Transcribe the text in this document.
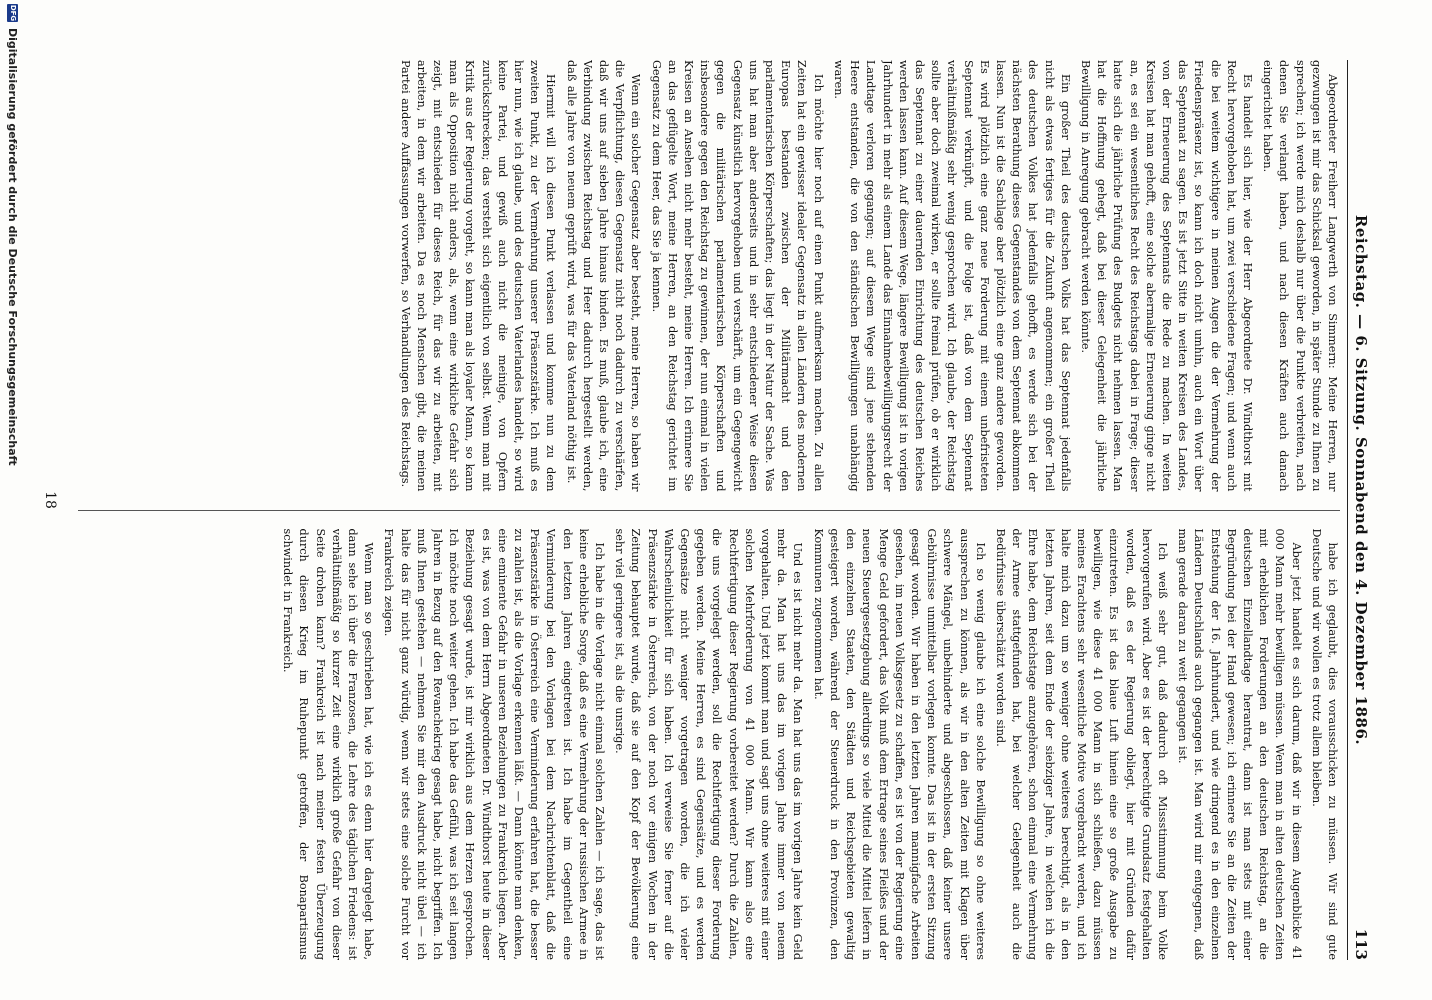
Reichstag. — 6. Sitzung. Sonnabend den 4. Dezember 1886.
113

Abgeordneter Freiherr Langwerth von Simmern: Meine Herren, nur gezwungen ist mir das Schicksal geworden, in später Stunde zu Ihnen zu sprechen; ich werde mich deshalb nur über die Punkte verbreiten, nach denen Sie verlangt haben, und nach diesen Kräften auch danach eingerichtet haben.

Es handelt sich hier, wie der Herr Abgeordnete Dr. Windthorst mit Recht hervorgehoben hat, um zwei verschiedene Fragen; und wenn auch die bei weitem wichtigere in meinen Augen die der Vermehrung der Friedenspräsenz ist, so kann ich doch nicht umhin, auch ein Wort über das Septennat zu sagen. Es ist jetzt Sitte in weiten Kreisen des Landes, von der Erneuerung des Septennats die Rede zu machen. In weiten Kreisen hat man gehofft, eine solche abermalige Erneuerung ginge nicht an, es sei ein wesentliches Recht des Reichstags dabei in Frage; dieser hatte sich die jährliche Prüfung des Budgets nicht nehmen lassen. Man hat die Hoffnung gehegt, daß bei dieser Gelegenheit die jährliche Bewilligung in Anregung gebracht werden könnte.

Ein großer Theil des deutschen Volks hat das Septennat jedenfalls nicht als etwas fertiges für die Zukunft angenommen; ein großer Theil des deutschen Volkes hat jedenfalls gehofft, es werde sich bei der nächsten Berathung dieses Gegenstandes von dem Septennat abkommen lassen. Nun ist die Sachlage aber plötzlich eine ganz andere geworden. Es wird plötzlich eine ganz neue Forderung mit einem unbefristeten Septennat verknüpft, und die Folge ist, daß von dem Septennat verhältnißmäßig sehr wenig gesprochen wird. Ich glaube, der Reichstag sollte aber doch zweimal wirken, er sollte freimal prüfen, ob er wirklich das Septennat zu einer dauernden Einrichtung des deutschen Reiches werden lassen kann. Auf diesem Wege, längere Bewilligung ist in vorigen Jahrhundert in mehr als einem Lande das Einnahmebewilligungsrecht der Landtage verloren gegangen; auf diesem Wege sind jene stehenden Heere entstanden, die von den ständischen Bewilligungen unabhängig waren.

Ich möchte hier noch auf einen Punkt aufmerksam machen. Zu allen Zeiten hat ein gewisser idealer Gegensatz in allen Ländern des modernen Europas bestanden zwischen der Militärmacht und den parlamentarischen Körperschaften; das liegt in der Natur der Sache. Was uns hat man aber anderseits und in sehr entschiedener Weise diesen Gegensatz künstlich hervorgehoben und verschärft, um ein Gegengewicht gegen die militärischen parlamentarischen Körperschaften und insbesondere gegen den Reichstag zu gewinnen, der nun einmal in vielen Kreisen an Ansehen nicht mehr besteht, meine Herren. Ich erinnere Sie an das geflügelte Wort, meine Herren, an den Reichstag gerichtet im Gegensatz zu dem Heer, das Sie ja kennen.

Wenn ein solcher Gegensatz aber besteht, meine Herren, so haben wir die Verpflichtung, diesen Gegensatz nicht noch dadurch zu verschärfen, daß wir uns auf sieben Jahre hinaus binden. Es muß, glaube ich, eine Verbindung zwischen Reichstag und Heer dadurch hergestellt werden, daß alle Jahre von neuem geprüft wird, was für das Vaterland nöthig ist.

Hiermit will ich diesen Punkt verlassen und komme nun zu dem zweiten Punkt, zu der Vermehrung unserer Präsenzstärke. Ich muß es hier nun, wie ich glaube, und des deutschen Vaterlandes handelt, so wird keine Partei, und gewiß auch nicht die meinige, von Opfern zurückschrecken; das versteht sich eigentlich von selbst. Wenn man mit Kritik aus der Regierung vorgeht, so kann man als loyaler Mann, so kann man als Opposition nicht anders, als, wenn eine wirkliche Gefahr sich zeigt, mit entschieden für dieses Reich, für das wir zu arbeiten, mit arbeiten, in dem wir arbeiten. Da es noch Menschen gibt, die meinen Partei andere Auffassungen vorwerfen, so Verhandlungen des Reichstags.

habe ich geglaubt, dies vorausschicken zu müssen. Wir sind gute Deutsche und wir wollen es trotz allem bleiben.

Aber jetzt handelt es sich darum, daß wir in diesem Augenblicke 41 000 Mann mehr bewilligen müssen. Wenn man in alten deutschen Zeiten mit erheblichen Forderungen an den deutschen Reichstag, an die deutschen Einzellandtage herantrat, dann ist man stets mit einer Begründung bei der Hand gewesen; ich erinnere Sie an die Zeiten der Entstehung der 16. Jahrhundert, und wie dringend es in den einzelnen Ländern Deutschlands auch gegangen ist. Man wird mir entgegnen, daß man gerade daran zu weit gegangen ist.

Ich weiß sehr gut, daß dadurch oft Missstimmung beim Volke hervorgerufen wird. Aber es ist der berechtigte Grundsatz festgehalten worden, daß es der Regierung obliegt, hier mit Gründen dafür einzutreten. Es ist das blaue Luft hinein eine so große Ausgabe zu bewilligen, wie diese 41 000 Mann in sich schließen, dazu müssen meines Erachtens sehr wesentliche Motive vorgebracht werden, und ich halte mich dazu um so weniger ohne weiteres berechtigt, als in den letzten Jahren, seit dem Ende der siebziger Jahre, in welchen ich die Ehre habe, dem Reichstage anzugehören, schon einmal eine Vermehrung der Armee stattgefunden hat, bei welcher Gelegenheit auch die Bedürfnisse überschätzt worden sind.

Ich so wenig glaube ich eine solche Bewilligung so ohne weiteres aussprechen zu können, als wir in den alten Zeiten mit Klagen über schwere Mängel, unbehinderte und abgeschlossen, daß keiner unsere Gebührnisse unmittelbar vorlegen konnte. Das ist in der ersten Sitzung gesagt worden. Wir haben in den letzten Jahren mannigfache Arbeiten gesehen, im neuen Volksgesetz zu schaffen, es ist von der Regierung eine Menge Geld gefordert, das Volk muß dem Ertrage seines Fleißes und der neuen Steuergesetzgebung allerdings so viele Mittel die Mittel liefern in den einzelnen Staaten, den Städten und Reichsgebieten gewaltig gesteigert worden, während der Steuerdruck in den Provinzen, den Kommunen zugenommen hat.

Und es ist nicht mehr da. Man hat uns das im vorigen Jahre kein Geld mehr da. Man hat uns das im vorigen Jahre immer von neuem vorgehalten. Und jetzt kommt man und sagt uns ohne weiteres mit einer solchen Mehrforderung von 41 000 Mann. Wir kann also eine Rechtfertigung dieser Regierung vorbereitet werden? Durch die Zahlen, die uns vorgelegt werden, soll die Rechtfertigung dieser Forderung gegeben werden. Meine Herren, es sind Gegensätze, und es werden Gegensätze nicht weniger vorgetragen worden, die ich vieler Wahrscheinlichkeit für sich haben. Ich verweise Sie ferner auf die Präsenzstärke in Österreich, von der noch vor einigen Wochen in der Zeitung behauptet wurde, daß sie auf den Kopf der Bevölkerung eine sehr viel geringere ist, als die unsrige.

Ich habe in die Vorlage nicht einmal solchen Zahlen — ich sage, das ist keine erhebliche Sorge, daß es eine Vermehrung der russischen Armee in den letzten Jahren eingetreten ist. Ich habe im Gegentheil eine Verminderung bei den Vorlagen bei dem Nachrichtenblatt, daß die Präsenzstärke in Österreich eine Verminderung erfahren hat, die besser zu zahlen ist, als die Vorlage erkennen läßt. — Dann könnte man denken, eine eminente Gefahr in unseren Beziehungen zu Frankreich liegen. Aber es ist, was von dem Herrn Abgeordneten Dr. Windthorst heute in dieser Beziehung gesagt wurde, ist mir wirklich aus dem Herzen gesprochen. Ich möchte noch weiter gehen. Ich habe das Gefühl, was ich seit langen Jahren in Bezug auf den Revanchekrieg gesagt habe, nicht begriffen. Ich muß Ihnen gestehen — nehmen Sie mir den Ausdruck nicht übel — ich halte das für nicht ganz würdig, wenn wir stets eine solche Furcht vor Frankreich zeigen.

Wenn man so geschrieben hat, wie ich es denn hier dargelegt habe, dann sehe ich über die Franzosen, die Lehre des täglichen Friedens: ist verhältnißmäßig so kurzer Zeit eine wirklich große Gefahr von dieser Seite drohen kann? Frankreich ist nach meiner festen Überzeugung durch diesen Krieg im Ruhepunkt getroffen, der Bonapartismus schwindet in Frankreich.

18
DFG
Digitalisierung gefördert durch die Deutsche Forschungsgemeinschaft
